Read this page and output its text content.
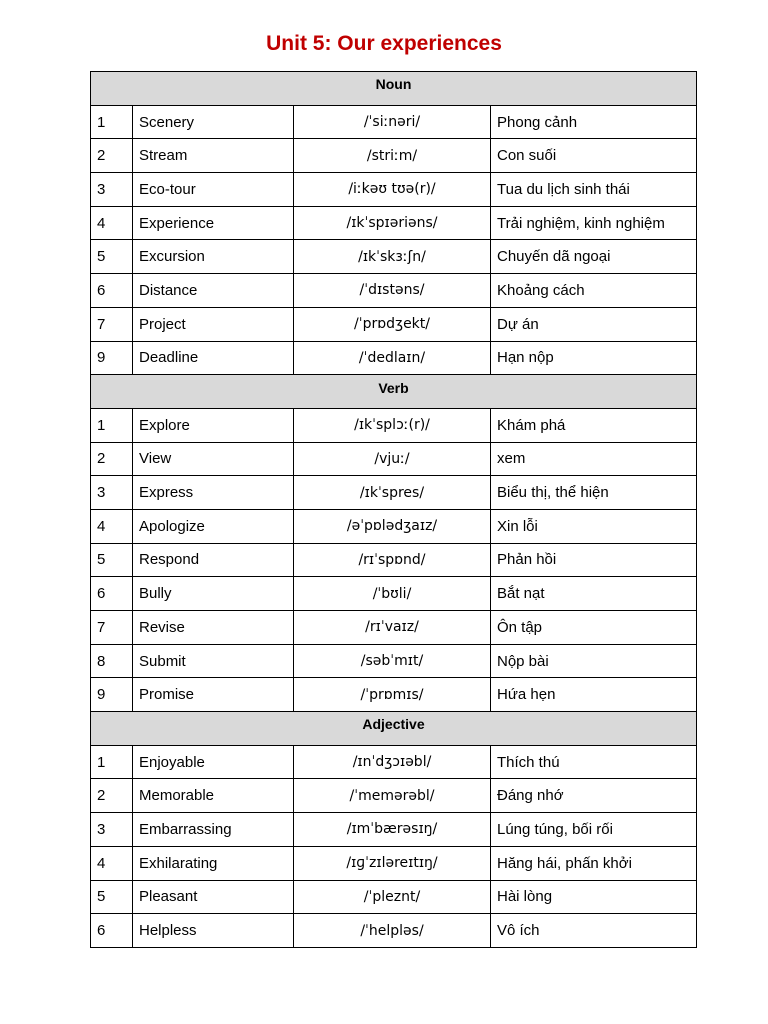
Unit 5: Our experiences
Noun			
1	Scenery	/ˈsiːnəri/	Phong cảnh
2	Stream	/striːm/	Con suối
3	Eco-tour	/iːkəʊ tʊə(r)/	Tua du lịch sinh thái
4	Experience	/ɪkˈspɪəriəns/	Trải nghiệm, kinh nghiệm
5	Excursion	/ɪkˈskɜːʃn/	Chuyến dã ngoại
6	Distance	/ˈdɪstəns/	Khoảng cách
7	Project	/ˈprɒdʒekt/	Dự án
9	Deadline	/ˈdedlaɪn/	Hạn nộp
Verb			
1	Explore	/ɪkˈsplɔː(r)/	Khám phá
2	View	/vjuː/	xem
3	Express	/ɪkˈspres/	Biểu thị, thể hiện
4	Apologize	/əˈpɒlədʒaɪz/	Xin lỗi
5	Respond	/rɪˈspɒnd/	Phản hồi
6	Bully	/ˈbʊli/	Bắt nạt
7	Revise	/rɪˈvaɪz/	Ôn tập
8	Submit	/səbˈmɪt/	Nộp bài
9	Promise	/ˈprɒmɪs/	Hứa hẹn
Adjective			
1	Enjoyable	/ɪnˈdʒɔɪəbl/	Thích thú
2	Memorable	/ˈmemərəbl/	Đáng nhớ
3	Embarrassing	/ɪmˈbærəsɪŋ/	Lúng túng, bối rối
4	Exhilarating	/ɪɡˈzɪləreɪtɪŋ/	Hăng hái, phấn khởi
5	Pleasant	/ˈpleznt/	Hài lòng
6	Helpless	/ˈhelpləs/	Vô ích
